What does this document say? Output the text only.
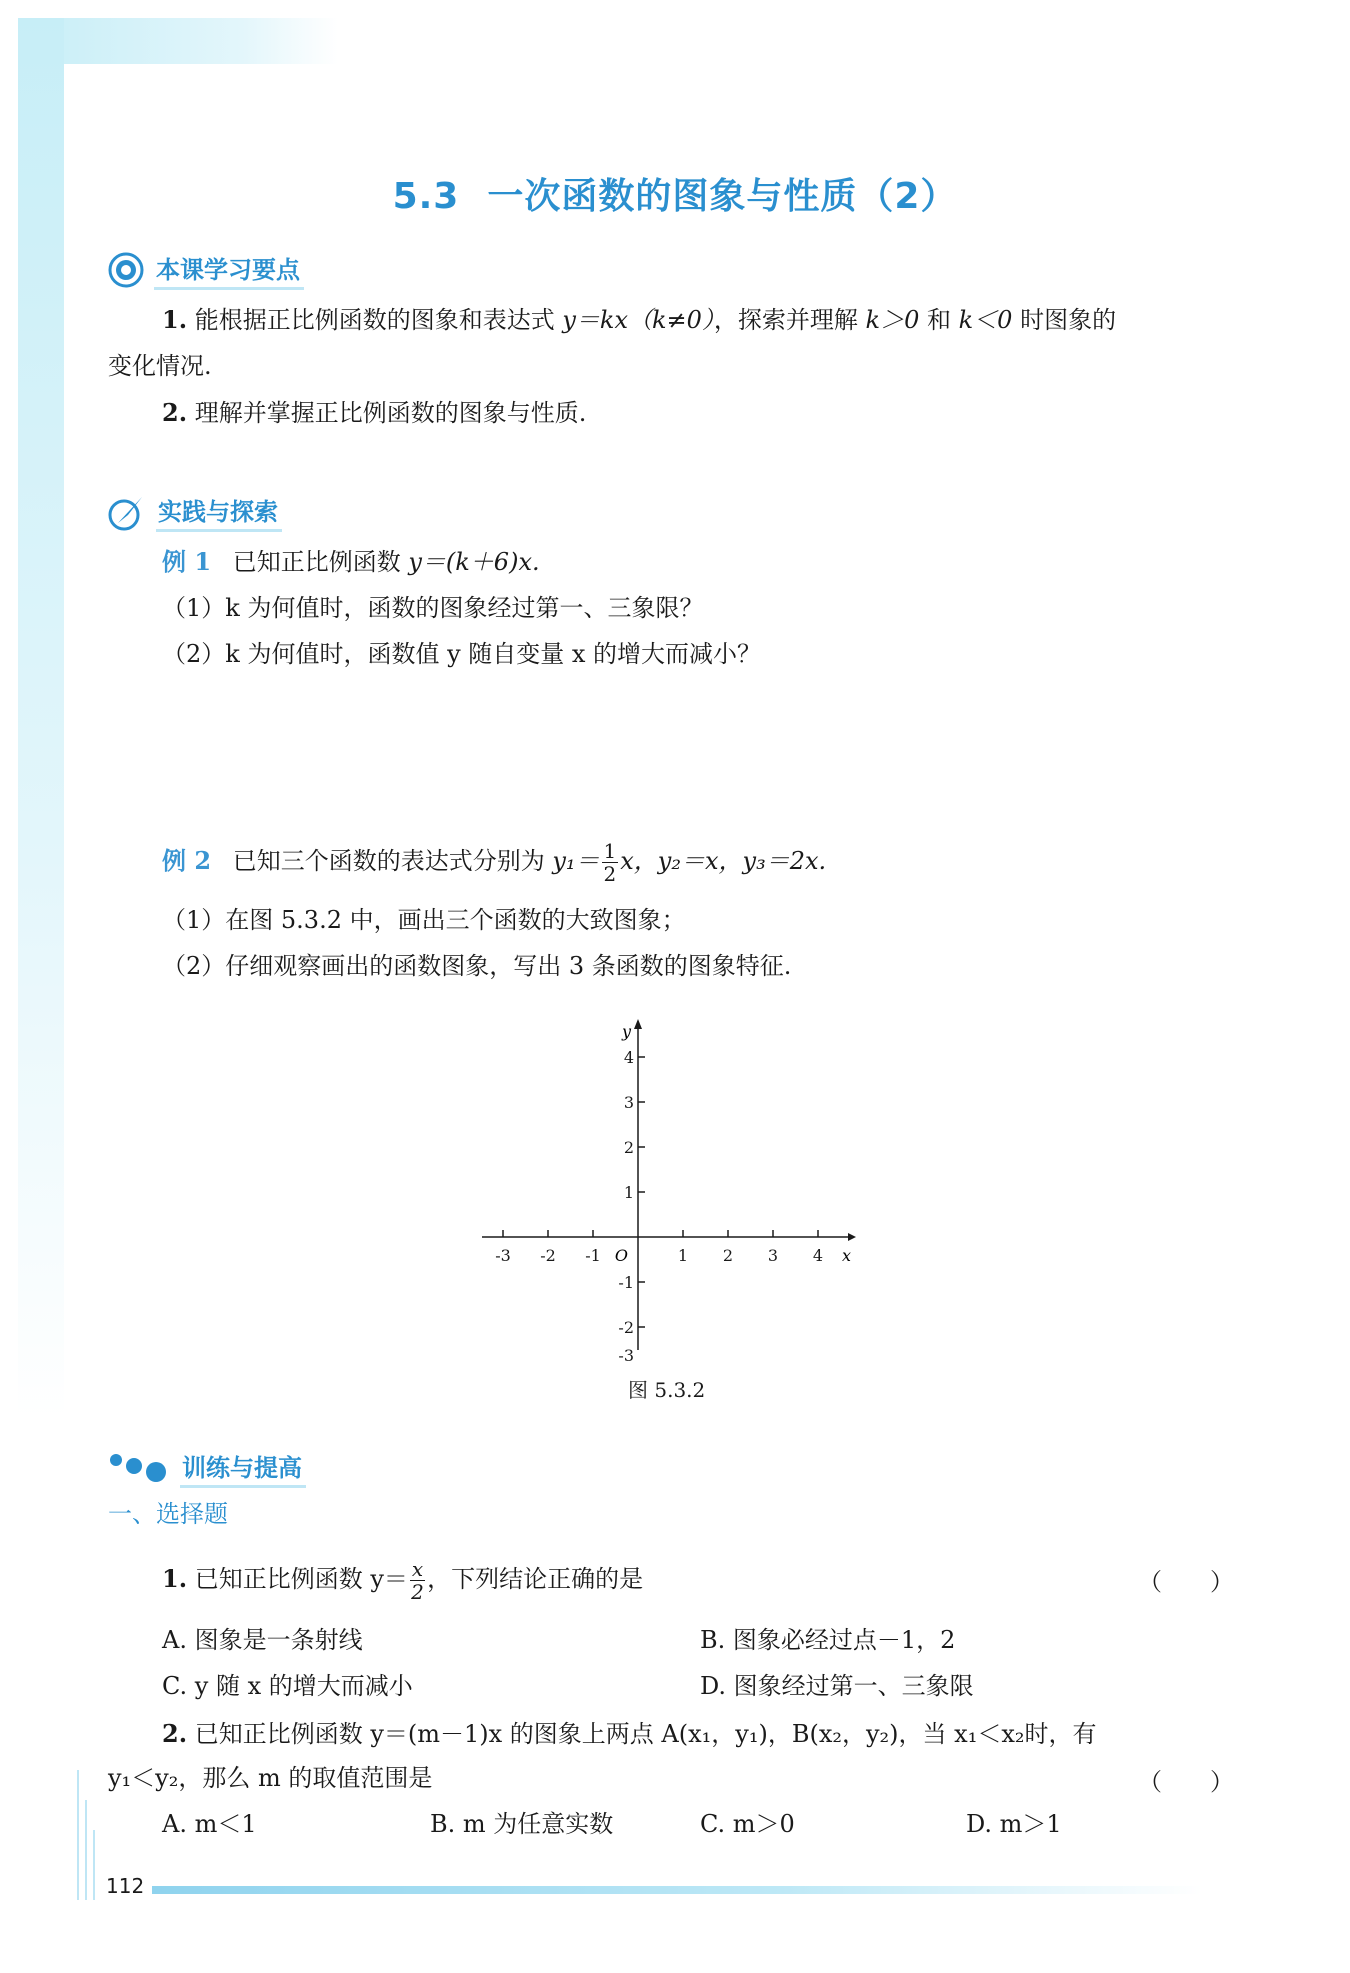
5.3 一次函数的图象与性质（2）
本课学习要点
1. 能根据正比例函数的图象和表达式 y＝kx（k≠0），探索并理解 k＞0 和 k＜0 时图象的
变化情况.
2. 理解并掌握正比例函数的图象与性质.
实践与探索
例 1 已知正比例函数 y＝(k＋6)x.
（1）k 为何值时，函数的图象经过第一、三象限？
（2）k 为何值时，函数值 y 随自变量 x 的增大而减小？
例 2 已知三个函数的表达式分别为 $y_1= \frac{1}{2}$ x，y₂＝x，y₃＝2x.
（1）在图 5.3.2 中，画出三个函数的大致图象；
（2）仔细观察画出的函数图象，写出 3 条函数的图象特征.
-3 -2 -1	1 2 3 4
4
3
2
1
-1
-2
-3
O	x
y
图 5.3.2
训练与提高
一、选择题
1. 已知正比例函数 $y= \frac{x}{2}$ ，下列结论正确的是	（　　）
A. 图象是一条射线	B. 图象必经过点－1，2
C. y 随 x 的增大而减小	D. 图象经过第一、三象限
2. 已知正比例函数 y＝(m－1)x 的图象上两点 A(x₁，y₁)，B(x₂，y₂)，当 x₁＜x₂时，有
y₁＜y₂，那么 m 的取值范围是	（　　）
A. m＜1	B. m 为任意实数	C. m＞0	D. m＞1
112
